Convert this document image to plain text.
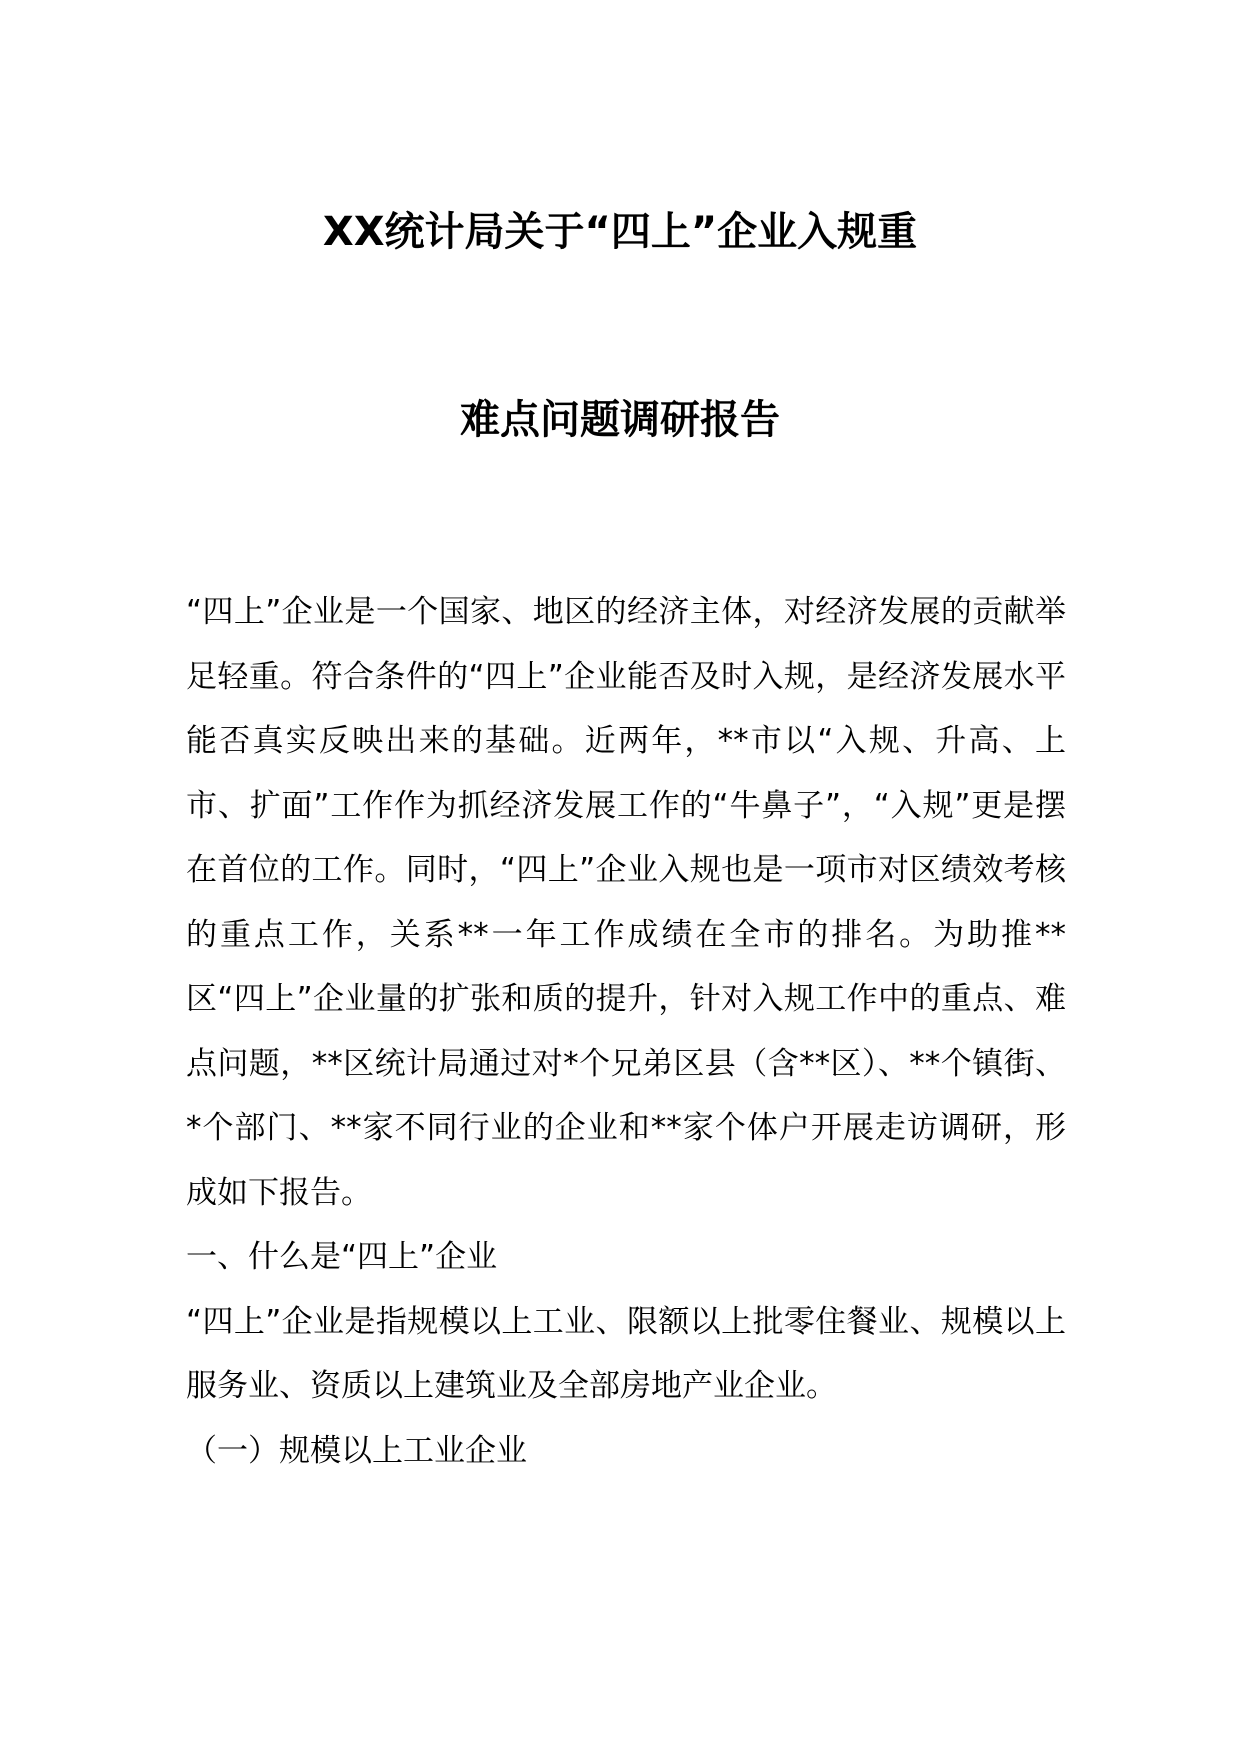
XX统计局关于“四上”企业入规重
难点问题调研报告

“四上”企业是一个国家、地区的经济主体，对经济发展的贡献举足轻重。符合条件的“四上”企业能否及时入规，是经济发展水平能否真实反映出来的基础。近两年，**市以“入规、升高、上市、扩面”工作作为抓经济发展工作的“牛鼻子”，“入规”更是摆在首位的工作。同时，“四上”企业入规也是一项市对区绩效考核的重点工作，关系**一年工作成绩在全市的排名。为助推**区“四上”企业量的扩张和质的提升，针对入规工作中的重点、难点问题，**区统计局通过对*个兄弟区县（含**区）、**个镇街、*个部门、**家不同行业的企业和**家个体户开展走访调研，形成如下报告。

一、什么是“四上”企业

“四上”企业是指规模以上工业、限额以上批零住餐业、规模以上服务业、资质以上建筑业及全部房地产业企业。

（一）规模以上工业企业
